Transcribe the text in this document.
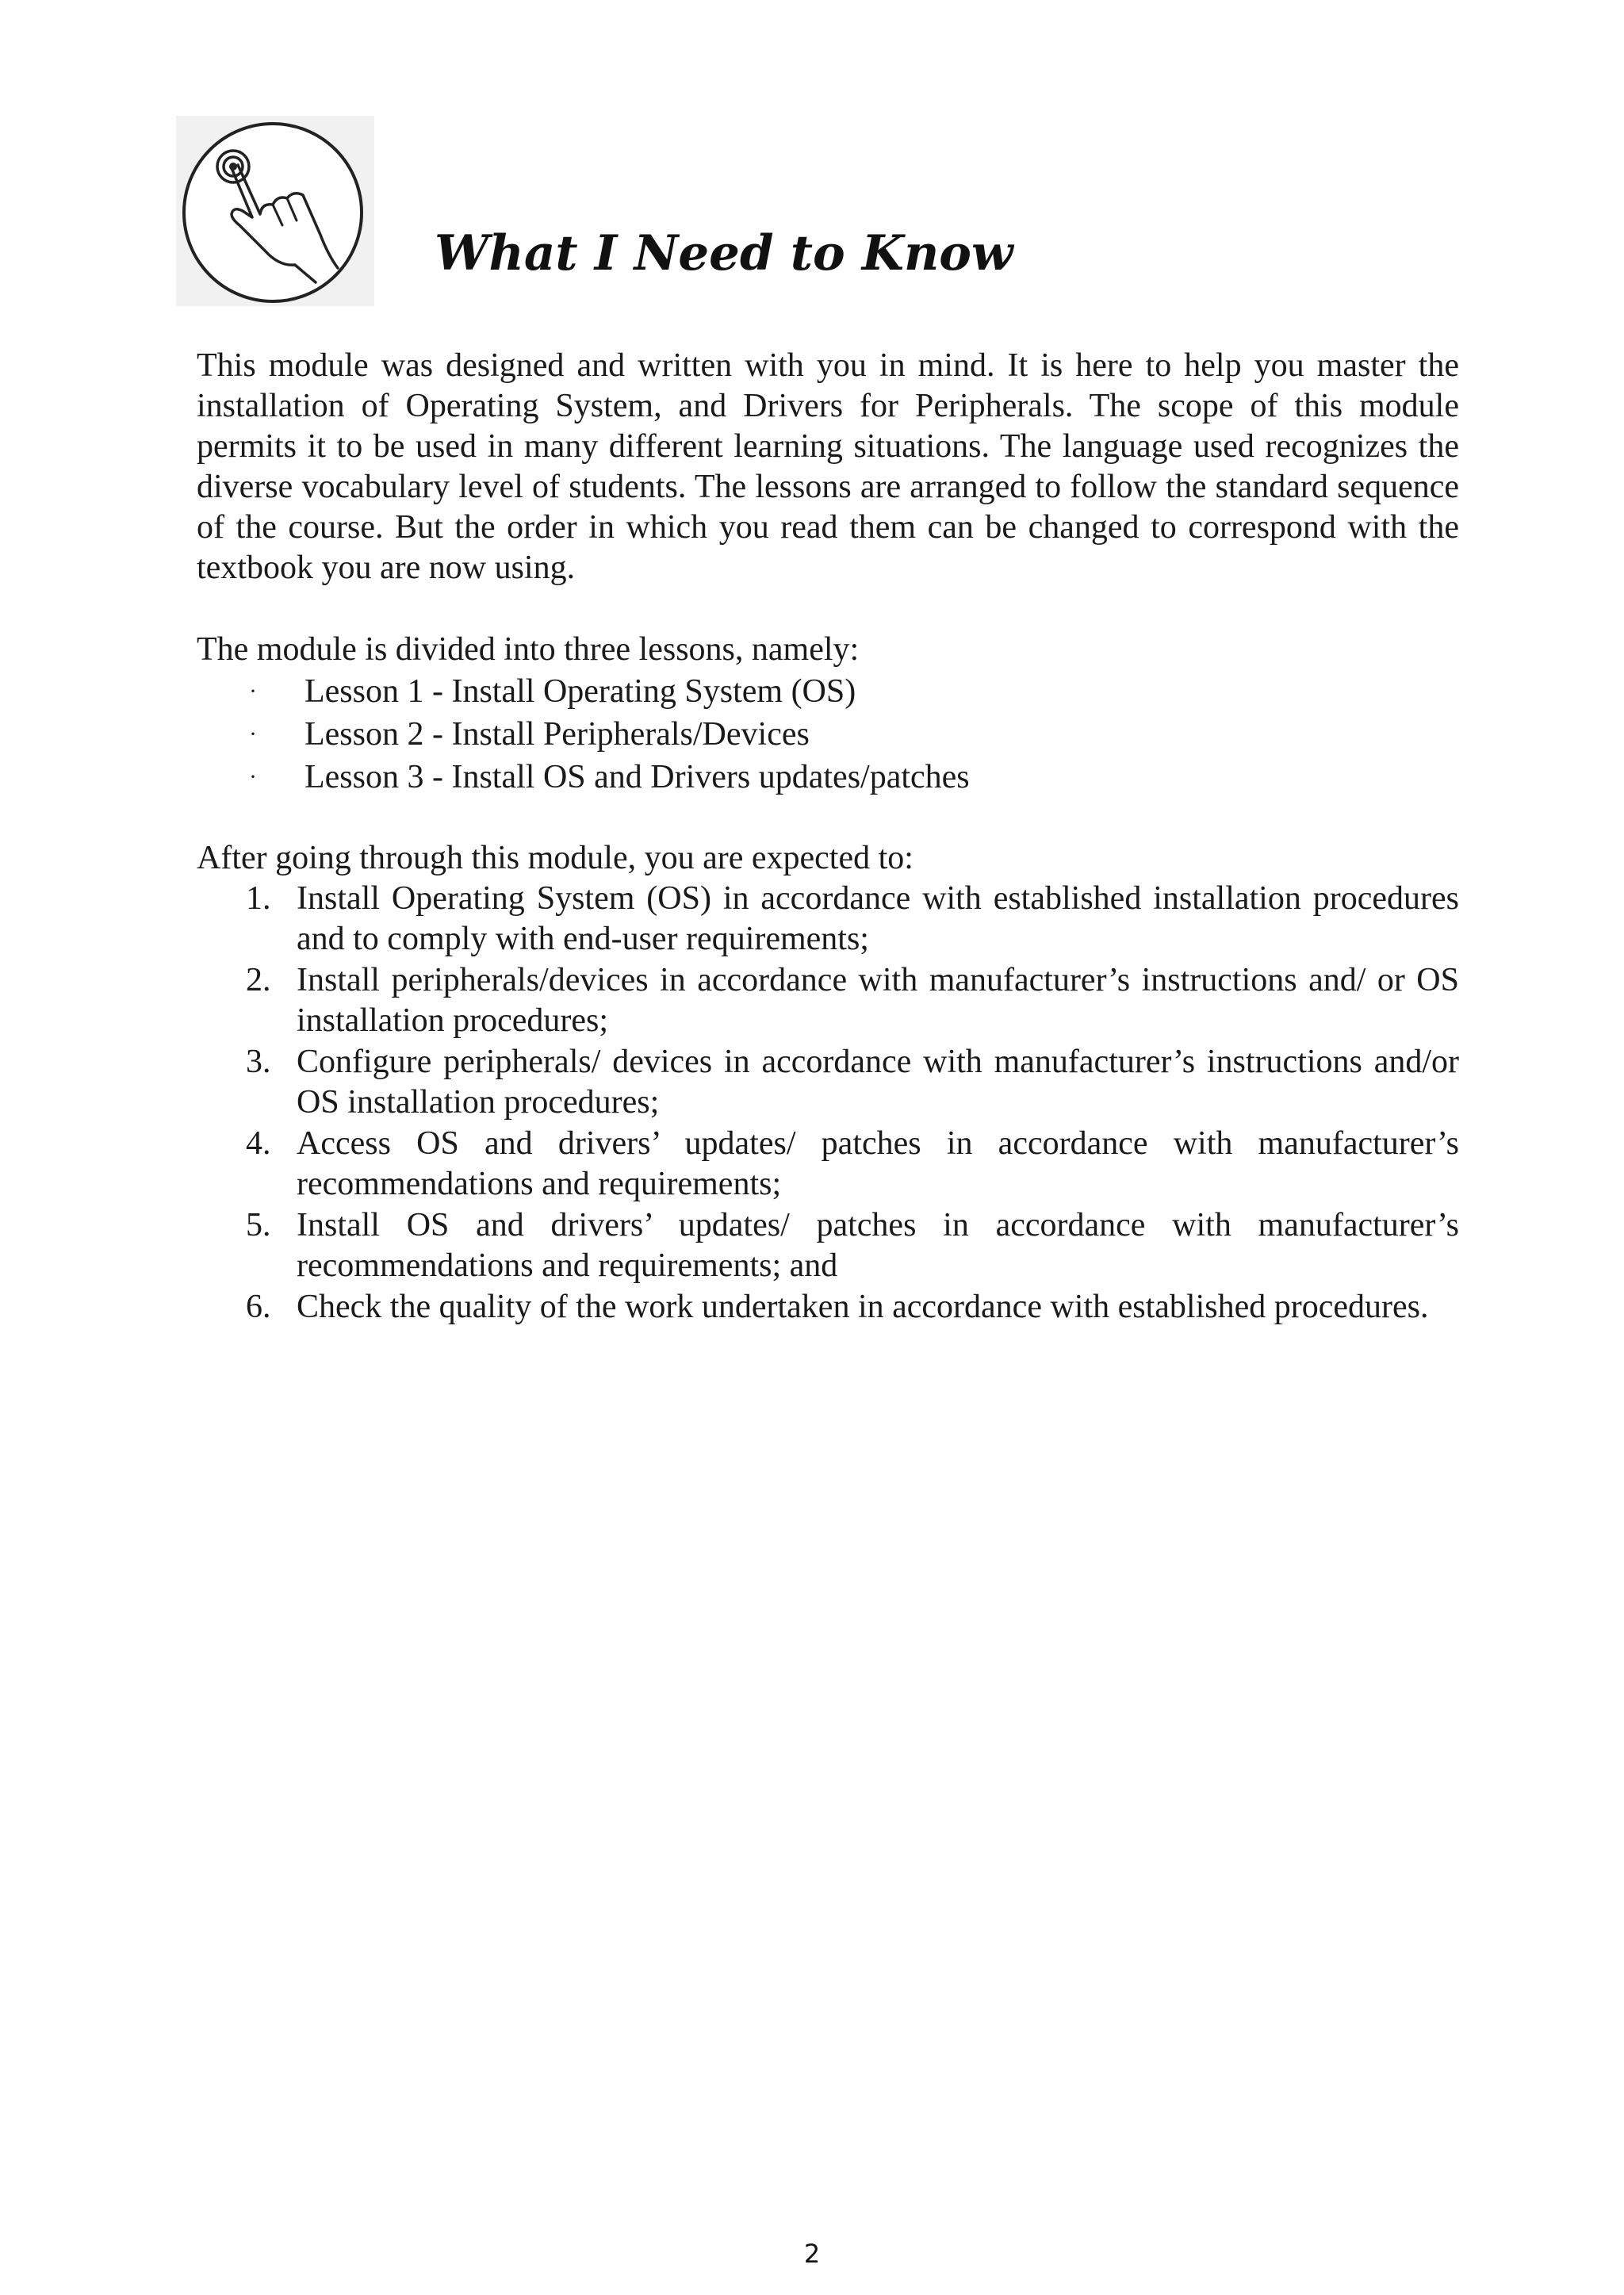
What I Need to Know

This module was designed and written with you in mind. It is here to help you master the installation of Operating System, and Drivers for Peripherals. The scope of this module permits it to be used in many different learning situations. The language used recognizes the diverse vocabulary level of students. The lessons are arranged to follow the standard sequence of the course. But the order in which you read them can be changed to correspond with the textbook you are now using.

The module is divided into three lessons, namely:

· Lesson 1 - Install Operating System (OS)
· Lesson 2 - Install Peripherals/Devices
· Lesson 3 - Install OS and Drivers updates/patches

After going through this module, you are expected to:

1. Install Operating System (OS) in accordance with established installation procedures and to comply with end-user requirements;
2. Install peripherals/devices in accordance with manufacturer’s instructions and/ or OS installation procedures;
3. Configure peripherals/ devices in accordance with manufacturer’s instructions and/or OS installation procedures;
4. Access OS and drivers’ updates/ patches in accordance with manufacturer’s recommendations and requirements;
5. Install OS and drivers’ updates/ patches in accordance with manufacturer’s recommendations and requirements; and
6. Check the quality of the work undertaken in accordance with established procedures.
2
